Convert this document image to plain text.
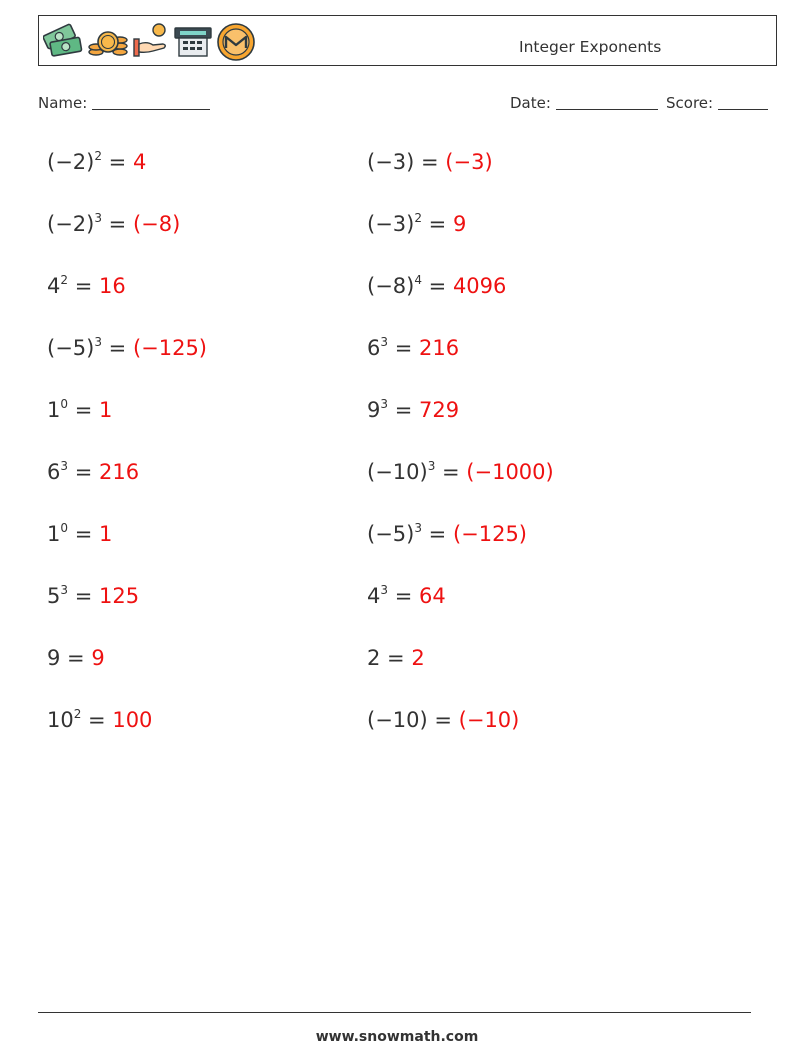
Integer Exponents
Name:	Date:	Score:
$(-2)^2 = 4$
$(-2)^3 = (-8)$
$4^2 = 16$
$(-5)^3 = (-125)$
$1^0 = 1$
$6^3 = 216$
$1^0 = 1$
$5^3 = 125$
9 = 9
$10^2 = 100$
(−3) = (−3)
$(-3)^2 = 9$
$(-8)^4 = 4096$
$6^3 = 216$
$9^3 = 729$
$(-10)^3 = (-1000)$
$(-5)^3 = (-125)$
$4^3 = 64$
2 = 2
(−10) = (−10)
www.snowmath.com
